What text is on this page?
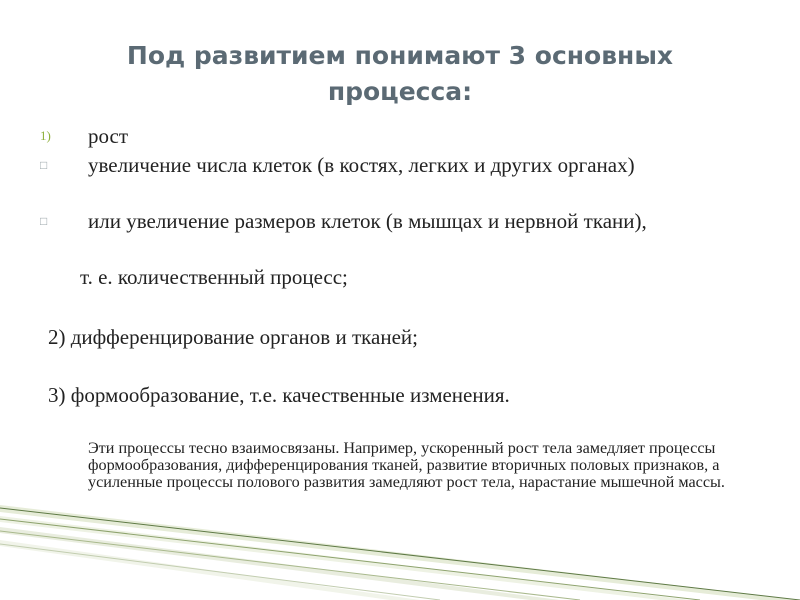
Под развитием понимают 3 основных процесса:
1)	рост
□	увеличение числа клеток (в костях, легких и других органах)
□	или увеличение размеров клеток (в мышцах и нервной ткани),
т. е. количественный процесс;
2) дифференцирование органов и тканей;
3) формообразование, т.е. качественные изменения.
Эти процессы тесно взаимосвязаны. Например, ускоренный рост тела замедляет процессы формообразования, дифференцирования тканей, развитие вторичных половых признаков, а усиленные процессы полового развития замедляют рост тела, нарастание мышечной массы.
